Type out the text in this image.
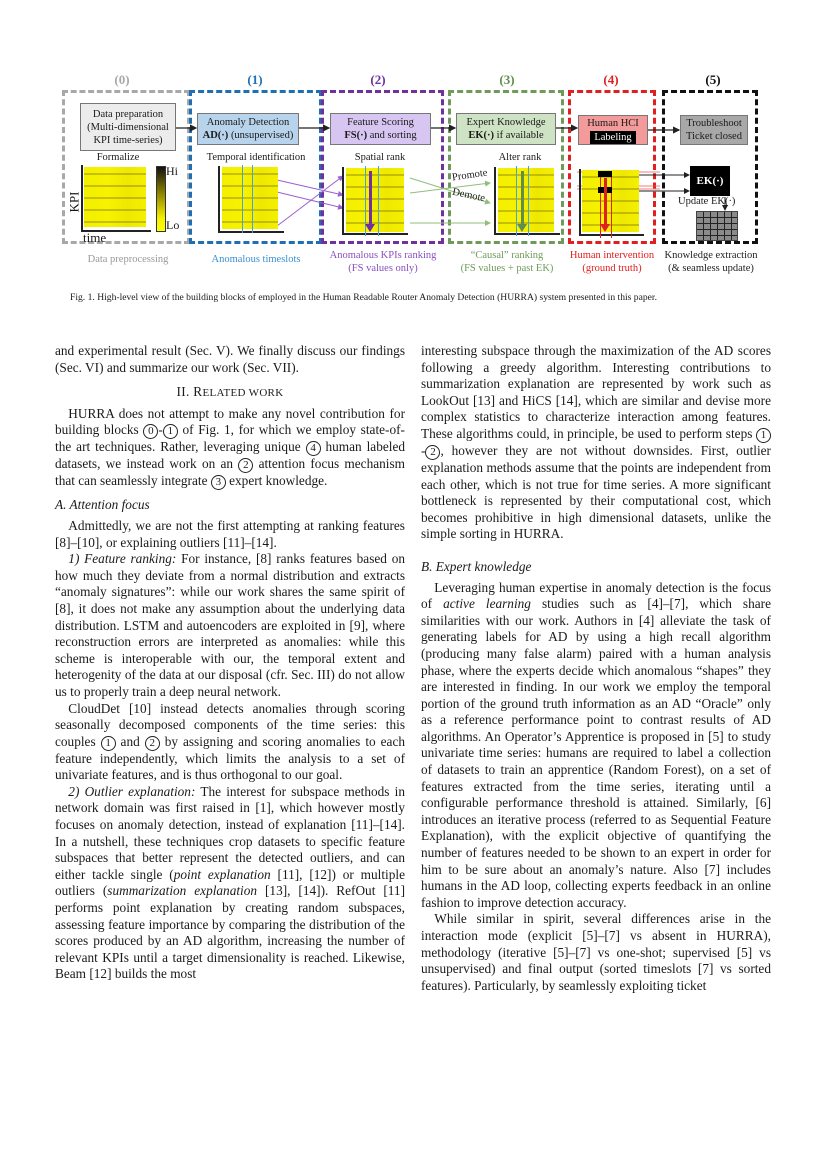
(0)	(1)	(2)	(3)	(4)	(5)
Data preparation
(Multi-dimensional
KPI time-series)
Anomaly Detection
AD(·) (unsupervised)
Feature Scoring
FS(·) and sorting
Expert Knowledge
EK(·) if available
Human HCI
Labeling
Troubleshoot
Ticket closed
Formalize
KPI
time
Hi
Lo
Temporal identification	Spatial rank	Alter rank
Promote
Demote
EK(·)
Update EK(·)
Data preprocessing	Anomalous timeslots	Anomalous KPIs ranking
(FS values only)
“Causal” ranking
(FS values + past EK)
Human intervention
(ground truth)
Knowledge extraction
(& seamless update)
Fig. 1. High-level view of the building blocks of employed in the Human Readable Router Anomaly Detection (HURRA) system presented in this paper.

and experimental result (Sec. V). We finally discuss our findings (Sec. VI) and summarize our work (Sec. VII).

II. RELATED WORK

HURRA does not attempt to make any novel contribution for building blocks 0 - 1 of Fig. 1, for which we employ state-of-the art techniques. Rather, leveraging unique 4 human labeled datasets, we instead work on an 2 attention focus mechanism that can seamlessly integrate 3 expert knowledge.

A. Attention focus

Admittedly, we are not the first attempting at ranking features [8]–[10], or explaining outliers [11]–[14].

1) Feature ranking: For instance, [8] ranks features based on how much they deviate from a normal distribution and extracts “anomaly signatures”: while our work shares the same spirit of [8], it does not make any assumption about the underlying data distribution. LSTM and autoencoders are exploited in [9], where reconstruction errors are interpreted as anomalies: while this scheme is interoperable with our, the temporal extent and heterogenity of the data at our disposal (cfr. Sec. III) do not allow us to properly train a deep neural network.

CloudDet [10] instead detects anomalies through scoring seasonally decomposed components of the time series: this couples 1 and 2 by assigning and scoring anomalies to each feature independently, which limits the analysis to a set of univariate features, and is thus orthogonal to our goal.

2) Outlier explanation: The interest for subspace methods in network domain was first raised in [1], which however mostly focuses on anomaly detection, instead of explanation [11]–[14]. In a nutshell, these techniques crop datasets to specific feature subspaces that better represent the detected outliers, and can either tackle single (point explanation [11], [12]) or multiple outliers (summarization explanation [13], [14]). RefOut [11] performs point explanation by creating random subspaces, assessing feature importance by comparing the distribution of the scores produced by an AD algorithm, increasing the number of relevant KPIs until a target dimensionality is reached. Likewise, Beam [12] builds the most

interesting subspace through the maximization of the AD scores following a greedy algorithm. Interesting contributions to summarization explanation are represented by work such as LookOut [13] and HiCS [14], which are similar and devise more complex statistics to characterize interaction among features. These algorithms could, in principle, be used to perform steps 1- 2 , however they are not without downsides. First, outlier explanation methods assume that the points are independent from each other, which is not true for time series. A more significant bottleneck is represented by their computational cost, which becomes prohibitive in high dimensional datasets, unlike the simple sorting in HURRA.

B. Expert knowledge

Leveraging human expertise in anomaly detection is the focus of active learning studies such as [4]–[7], which share similarities with our work. Authors in [4] alleviate the task of generating labels for AD by using a high recall algorithm (producing many false alarm) paired with a human analysis phase, where the experts decide which anomalous “shapes” they are interested in finding. In our work we employ the temporal portion of the ground truth information as an AD “Oracle” only as a reference performance point to contrast results of AD algorithms. An Operator’s Apprentice is proposed in [5] to study univariate time series: humans are required to label a collection of datasets to train an apprentice (Random Forest), on a set of features extracted from the time series, iterating until a configurable performance threshold is attained. Similarly, [6] introduces an iterative process (referred to as Sequential Feature Explanation), with the explicit objective of quantifying the number of features needed to be shown to an expert in order for him to be sure about an anomaly’s nature. Also [7] includes humans in the AD loop, collecting experts feedback in an online fashion to improve detection accuracy.

While similar in spirit, several differences arise in the interaction mode (explicit [5]–[7] vs absent in HURRA), methodology (iterative [5]–[7] vs one-shot; supervised [5] vs unsupervised) and final output (sorted timeslots [7] vs sorted features). Particularly, by seamlessly exploiting ticket
